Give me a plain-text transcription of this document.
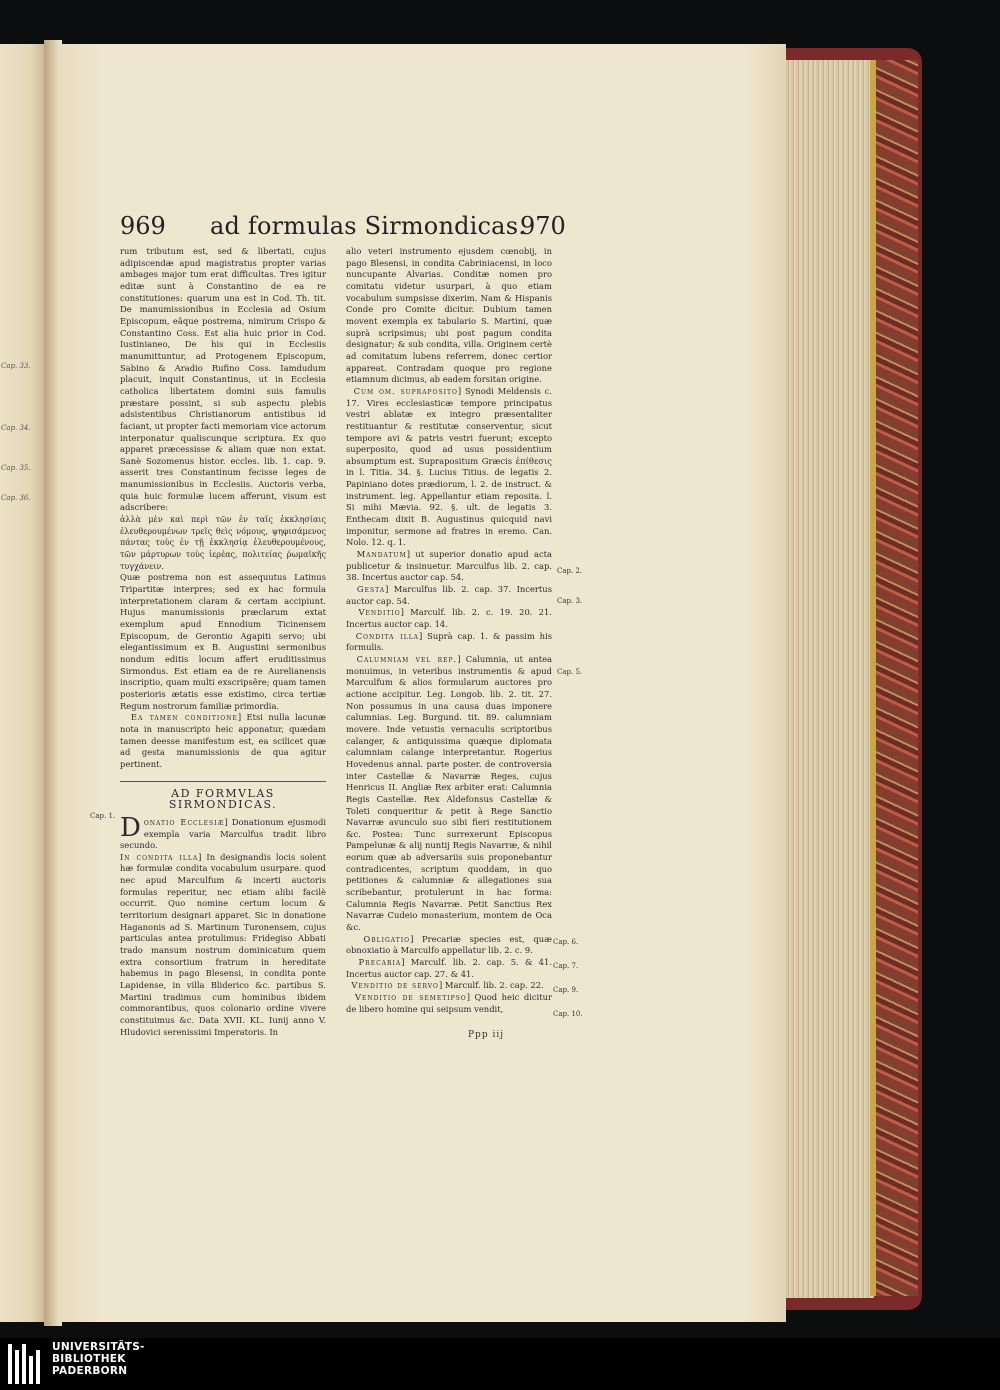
Cap. 33.
Cap. 34.
Cap. 35.
Cap. 36.
969 ad formulas Sirmondicas.
970

rum tributum est, sed & libertati, cujus adipiscendæ apud magistratus propter varias ambages major tum erat difficultas. Tres igitur editæ sunt à Constantino de ea re constitutiones: quarum una est in Cod. Th. tit. De manumissionibus in Ecclesia ad Osium Episcopum, eâque postrema, nimirum Crispo & Constantino Coss. Est alia huic prior in Cod. Iustinianeo, De his qui in Ecclesiis manumittuntur, ad Protogenem Episcopum, Sabino & Aradio Rufino Coss. Iamdudum placuit, inquit Constantinus, ut in Ecclesia catholica libertatem domini suis famulis præstare possint, si sub aspectu plebis adsistentibus Christianorum antistibus id faciant, ut propter facti memoriam vice actorum interponatur qualiscunque scriptura. Ex quo apparet præcessisse & aliam quæ non extat. Sanè Sozomenus histor. eccles. lib. 1. cap. 9. asserit tres Constantinum fecisse leges de manumissionibus in Ecclesiis. Auctoris verba, quia huic formulæ lucem afferunt, visum est adscribere:

ἀλλὰ μὲν καὶ περὶ τῶν ἐν ταῖς ἐκκλησίαις ἐλευθερουμένων τρεῖς θεὶς νόμους, ψηφισάμενος πάντας τοὺς ἐν τῇ ἐκκλησίᾳ ἐλευθερουμένους, τῶν μάρτυρων τοὺς ἱερέας, πολιτείας ῥωμαϊκῆς τυγχάνειν.

Quæ postrema non est assequutus Latinus Tripartitæ interpres; sed ex hac formula interpretationem claram & certam accipiunt. Hujus manumissionis præclarum extat exemplum apud Ennodium Ticinensem Episcopum, de Gerontio Agapiti servo; ubi elegantissimum ex B. Augustini sermonibus nondum editis locum affert eruditissimus Sirmondus. Est etiam ea de re Aurelianensis inscriptio, quam multi exscripsêre; quam tamen posterioris ætatis esse existimo, circa tertiæ Regum nostrorum familiæ primordia.

Ea tamen conditione] Etsi nulla lacunæ nota in manuscripto heic apponatur, quædam tamen deesse manifestum est, ea scilicet quæ ad gesta manumissionis de qua agitur pertinent.

AD FORMVLAS SIRMONDICAS.

Donatio Ecclesiæ] Donationum ejusmodi exempla varia Marculfus tradit libro secundo.

In condita illa] In designandis locis solent hæ formulæ condita vocabulum usurpare. quod nec apud Marculfum & incerti auctoris formulas reperitur, nec etiam alibi facilè occurrit. Quo nomine certum locum & territorium designari apparet. Sic in donatione Haganonis ad S. Martinum Turonensem, cujus particulas antea protulimus: Fridegiso Abbati trado mansum nostrum dominicatum quem extra consortium fratrum in hereditate habemus in pago Blesensi, in condita ponte Lapidense, in villa Bliderico &c. partibus S. Martini tradimus cum hominibus ibidem commorantibus, quos colonario ordine vivere constituimus &c. Data XVII. KL. Iunij anno V. Hludovici serenissimi Imperatoris. In

Cap. 1.

alio veteri instrumento ejusdem cœnobij, in pago Blesensi, in condita Cabriniacensi, in loco nuncupante Alvarias. Conditæ nomen pro comitatu videtur usurpari, à quo etiam vocabulum sumpsisse dixerim. Nam & Hispanis Conde pro Comite dicitur. Dubium tamen movent exempla ex tabulario S. Martini, quæ suprà scripsimus; ubi post pagum condita designatur; & sub condita, villa. Originem certè ad comitatum lubens referrem, donec certior appareat. Contradam quoque pro regione etiamnum dicimus, ab eadem forsitan origine.

Cum om. supraposito] Synodi Meldensis c. 17. Vires ecclesiasticæ tempore principatus vestri ablatæ ex integro præsentaliter restituantur & restitutæ conserventur, sicut tempore avi & patris vestri fuerunt; excepto superposito, quod ad usus possidentium absumptum est. Suprapositum Græcis ἐπίθεσις in l. Titia. 34. §. Lucius Titius. de legatis 2. Papiniano dotes prædiorum, l. 2. de instruct. & instrument. leg. Appellantur etiam reposita. l. Si mihi Mævia. 92. §. ult. de legatis 3. Enthecam dixit B. Augustinus quicquid navi imponitur, sermone ad fratres in eremo. Can. Nolo. 12. q. 1.

Mandatum] ut superior donatio apud acta publicetur & insinuetur. Marculfus lib. 2. cap. 38. Incertus auctor cap. 54.

Gesta] Marculfus lib. 2. cap. 37. Incertus auctor cap. 54.

Venditio] Marculf. lib. 2. c. 19. 20. 21. Incertus auctor cap. 14.

Condita illa] Suprà cap. 1. & passim his formulis.

Calumniam vel rep.] Calumnia, ut antea monuimus, in veteribus instrumentis & apud Marculfum & alios formularum auctores pro actione accipitur. Leg. Longob. lib. 2. tit. 27. Non possumus in una causa duas imponere calumnias. Leg. Burgund. tit. 89. calumniam movere. Inde vetustis vernaculis scriptoribus calanger, & antiquissima quæque diplomata calumniam calange interpretantur. Rogerius Hovedenus annal. parte poster. de controversia inter Castellæ & Navarræ Reges, cujus Henricus II. Angliæ Rex arbiter erat: Calumnia Regis Castellæ. Rex Aldefonsus Castellæ & Toleti conqueritur & petit à Rege Sanctio Navarræ avunculo suo sibi fieri restitutionem &c. Postea: Tunc surrexerunt Episcopus Pampelunæ & alij nuntij Regis Navarræ, & nihil eorum quæ ab adversariis suis proponebantur contradicentes, scriptum quoddam, in quo petitiones & calumniæ & allegationes sua scribebantur, protulerunt in hac forma: Calumnia Regis Navarræ. Petit Sanctius Rex Navarræ Cudeio monasterium, montem de Oca &c.

Obligatio] Precariæ species est, quæ obnoxiatio à Marculfo appellatur lib. 2. c. 9.

Precaria] Marculf. lib. 2. cap. 5. & 41. Incertus auctor cap. 27. & 41.

Venditio de servo] Marculf. lib. 2. cap. 22.

Venditio de semetipso] Quod heic dicitur de libero homine qui seipsum vendit,

Cap. 2.
Cap. 3.
Cap. 5.
Cap. 6.
Cap. 7.
Cap. 9.
Cap. 10.
Ppp iij
UNIVERSITÄTS-
BIBLIOTHEK
PADERBORN
